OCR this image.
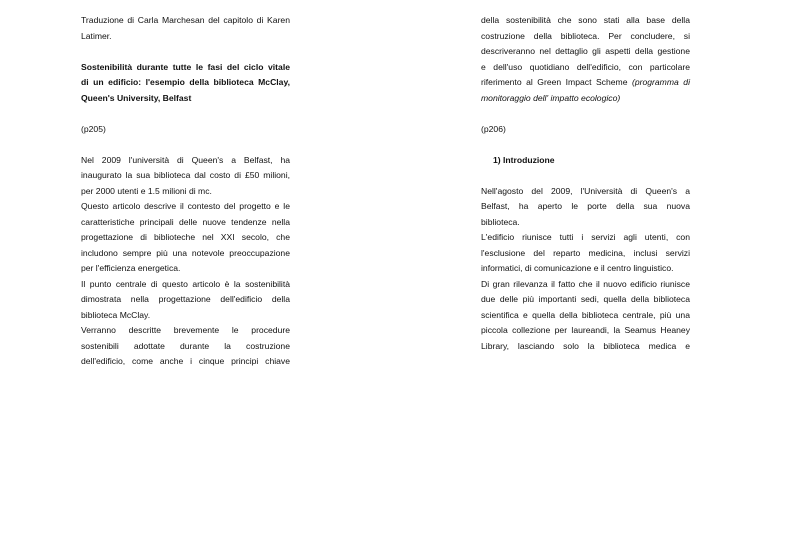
Traduzione di Carla Marchesan del capitolo di Karen
Latimer.
Sostenibilità durante tutte le fasi del ciclo vitale
di un edificio: l'esempio della biblioteca McClay,
Queen's University, Belfast
(p205)
Nel 2009 l'università di Queen's a Belfast, ha
inaugurato la sua biblioteca dal costo di £50 milioni,
per 2000 utenti e 1.5 milioni di mc.
Questo articolo descrive il contesto del progetto e le
caratteristiche principali delle nuove tendenze nella
progettazione di biblioteche nel XXI secolo, che
includono sempre più una notevole preoccupazione
per l'efficienza energetica.
Il punto centrale di questo articolo è la sostenibilità
dimostrata nella progettazione dell'edificio della
biblioteca McClay.
Verranno descritte brevemente le procedure
sostenibili adottate durante la costruzione
dell'edificio, come anche i cinque principi chiave
della sostenibilità che sono stati alla base della
costruzione della biblioteca. Per concludere, si
descriveranno nel dettaglio gli aspetti della gestione
e dell'uso quotidiano dell'edificio, con particolare
riferimento al Green Impact Scheme (programma di
monitoraggio dell' impatto ecologico)
(p206)
1) Introduzione
Nell'agosto del 2009, l'Università di Queen's a
Belfast, ha aperto le porte della sua nuova
biblioteca.
L'edificio riunisce tutti i servizi agli utenti, con
l'esclusione del reparto medicina, inclusi servizi
informatici, di comunicazione e il centro linguistico.
Di gran rilevanza il fatto che il nuovo edificio riunisce
due delle più importanti sedi, quella della biblioteca
scientifica e quella della biblioteca centrale, più una
piccola collezione per laureandi, la Seamus Heaney
Library, lasciando solo la biblioteca medica e
